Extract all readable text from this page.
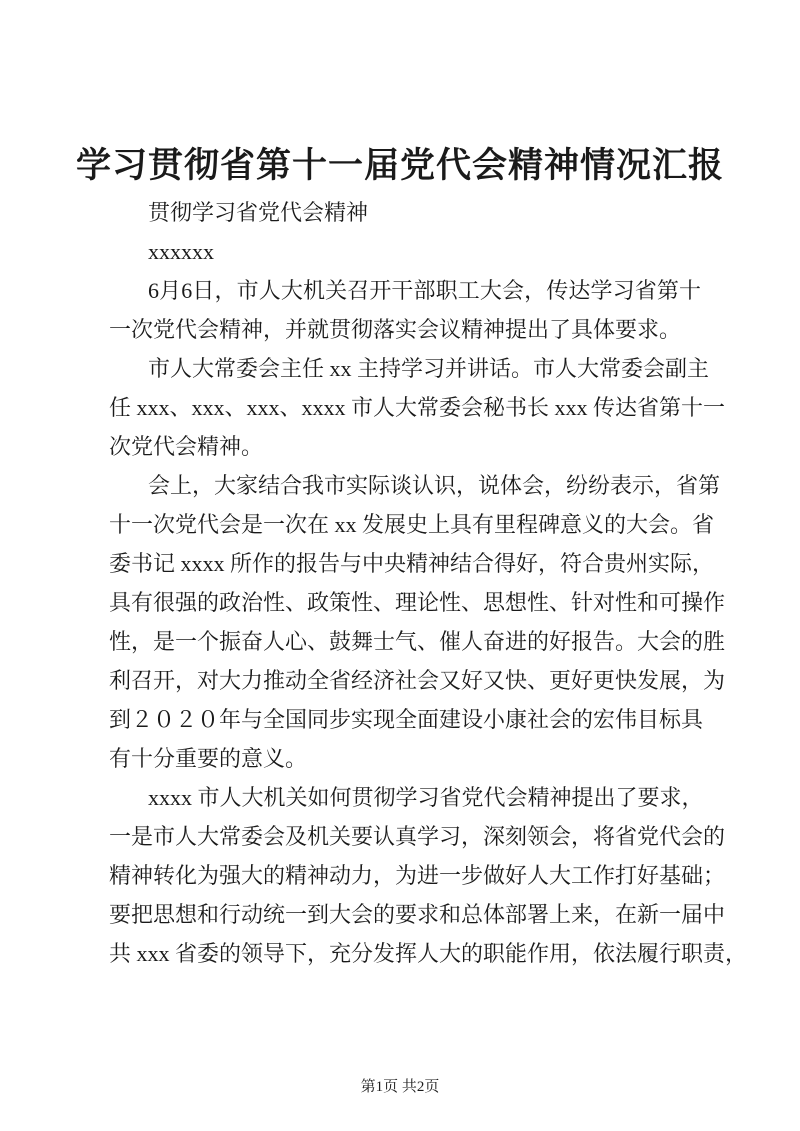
学习贯彻省第十一届党代会精神情况汇报
贯彻学习省党代会精神
xxxxxx
6月6日，市人大机关召开干部职工大会，传达学习省第十
一次党代会精神，并就贯彻落实会议精神提出了具体要求。
市人大常委会主任 xx 主持学习并讲话。市人大常委会副主
任 xxx、xxx、xxx、xxxx 市人大常委会秘书长 xxx 传达省第十一
次党代会精神。
会上，大家结合我市实际谈认识，说体会，纷纷表示，省第
十一次党代会是一次在 xx 发展史上具有里程碑意义的大会。省
委书记 xxxx 所作的报告与中央精神结合得好，符合贵州实际，
具有很强的政治性、政策性、理论性、思想性、针对性和可操作
性，是一个振奋人心、鼓舞士气、催人奋进的好报告。大会的胜
利召开，对大力推动全省经济社会又好又快、更好更快发展，为
到２０２０年与全国同步实现全面建设小康社会的宏伟目标具
有十分重要的意义。
xxxx 市人大机关如何贯彻学习省党代会精神提出了要求，
一是市人大常委会及机关要认真学习，深刻领会，将省党代会的
精神转化为强大的精神动力，为进一步做好人大工作打好基础；
要把思想和行动统一到大会的要求和总体部署上来，在新一届中
共 xxx 省委的领导下，充分发挥人大的职能作用，依法履行职责，
第1页 共2页
